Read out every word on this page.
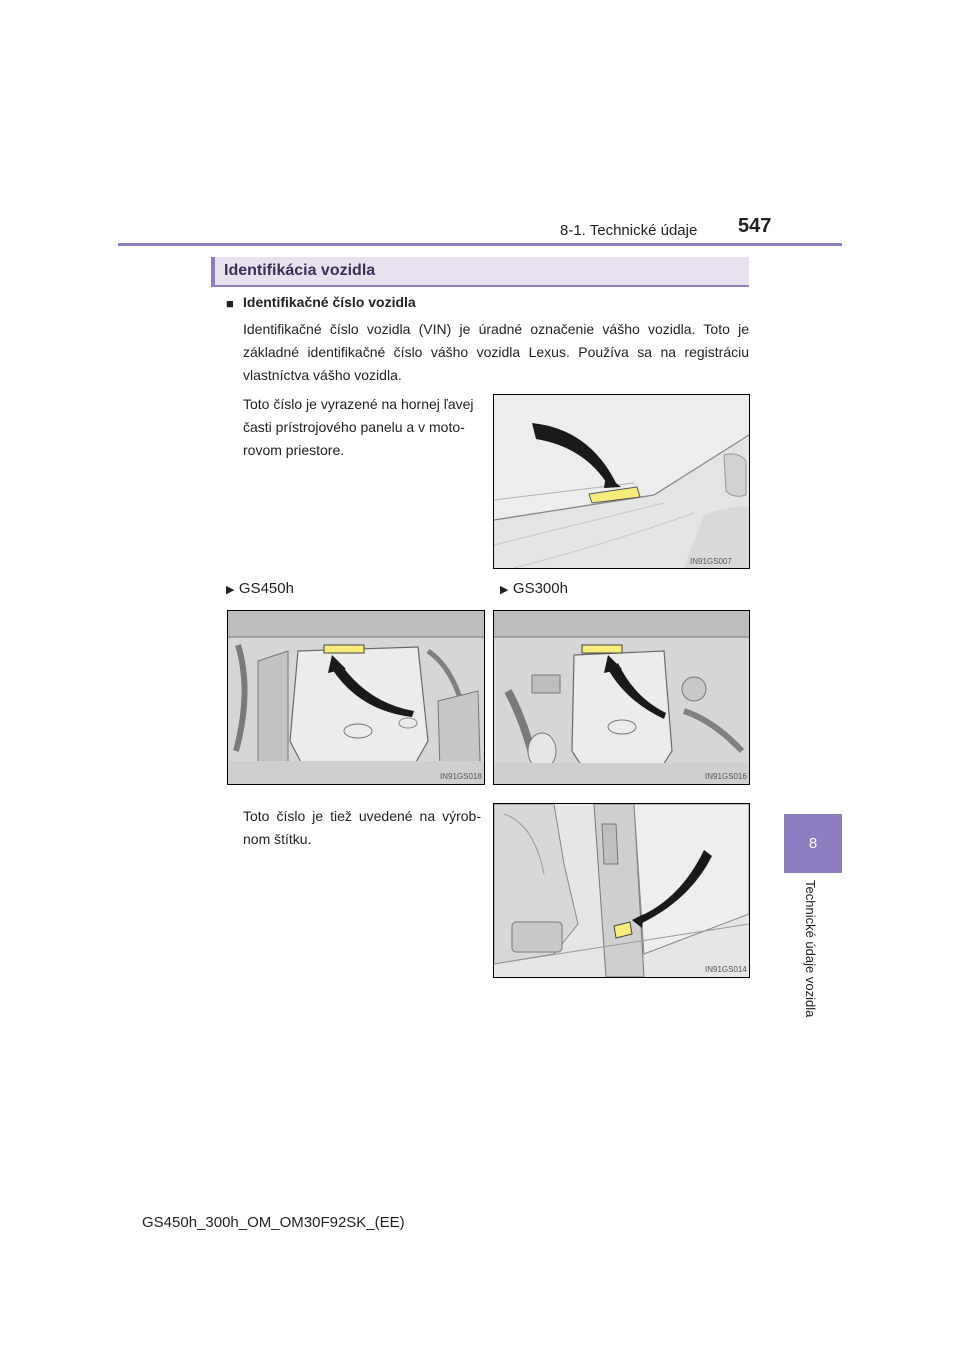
8-1. Technické údaje 547
8
Technické údaje vozidla
Identifikácia vozidla
■ Identifikačné číslo vozidla
Identifikačné číslo vozidla (VIN) je úradné označenie vášho vozidla. Toto je základné identifikačné číslo vášho vozidla Lexus. Používa sa na registráciu vlastníctva vášho vozidla.
Toto číslo je vyrazené na hornej ľavej časti prístrojového panelu a v moto- rovom priestore.
IN91GS007
▶ GS450h	▶ GS300h
IN91GS018	IN91GS016
Toto číslo je tiež uvedené na výrob- nom štítku.
IN91GS014
GS450h_300h_OM_OM30F92SK_(EE)
